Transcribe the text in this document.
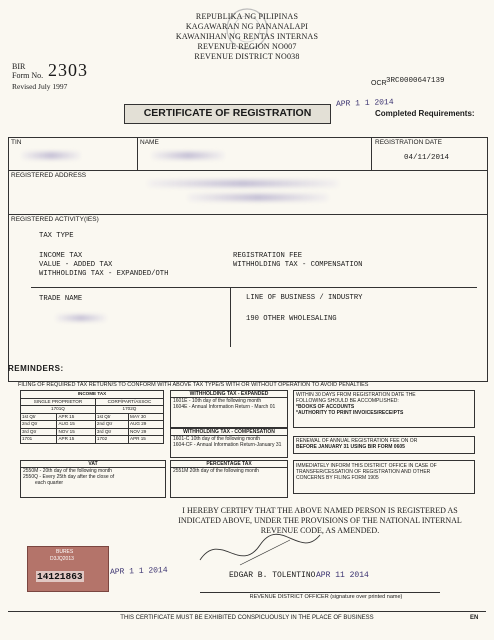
REPUBLIKA NG PILIPINAS
KAGAWARAN NG PANANALAPI
KAWANIHAN NG RENTAS INTERNAS
REVENUE REGION NO007
REVENUE DISTRICT NO038
BIR
Form No. 2303
Revised July 1997	OCR 3RC0000647139
CERTIFICATE OF REGISTRATION
APR 1 1 2014
Completed Requirements:
TIN	NAME	REGISTRATION DATE
04/11/2014
REGISTERED ADDRESS
REGISTERED ACTIVITY(IES)
TAX TYPE
INCOME TAX
VALUE - ADDED TAX
WITHHOLDING TAX - EXPANDED/OTH
REGISTRATION FEE
WITHHOLDING TAX - COMPENSATION
TRADE NAME	LINE OF BUSINESS / INDUSTRY
190 OTHER WHOLESALING
REMINDERS:
FILING OF REQUIRED TAX RETURN/S TO CONFORM WITH ABOVE TAX TYPE/S WITH OR WITHOUT OPERATION TO AVOID PENALTIES
INCOME TAX			
SINGLE PROPRIETOR		CORP/PART/ASSOC	
1701Q		1702Q	
1st Qtr	APR 15	1st Qtr	MAY 30
2nd Qtr	AUG 15	2nd Qtr	AUG 29
3rd Qtr	NOV 15	3rd Qtr	NOV 29
1701	APR 15	1702	APR 15
WITHHOLDING TAX - EXPANDED
1601E - 10th day of the following month
1604E - Annual Information Return - March 01
WITHHOLDING TAX - COMPENSATION
1601-C 10th day of the following month
1604-CF - Annual Information Return-January 31
WITHIN 30 DAYS FROM REGISTRATION DATE THE
FOLLOWING SHOULD BE ACCOMPLISHED:
*BOOKS OF ACCOUNTS
*AUTHORITY TO PRINT INVOICES/RECEIPTS
RENEWAL OF ANNUAL REGISTRATION FEE ON OR
BEFORE JANUARY 31 USING BIR FORM 0605
VAT
2550M - 20th day of the following month
2550Q - Every 25th day after the close of
each quarter
PERCENTAGE TAX
2551M 20th day of the following month
IMMEDIATELY INFORM THIS DISTRICT OFFICE IN CASE OF
TRANSFER/CESSATION OF REGISTRATION AND OTHER
CONCERNS BY FILING FORM 1905
I HEREBY CERTIFY THAT THE ABOVE NAMED PERSON IS REGISTERED AS
INDICATED ABOVE, UNDER THE PROVISIONS OF THE NATIONAL INTERNAL
REVENUE CODE, AS AMENDED.
BURES
D3JQ2013
14121863	APR 1 1 2014	EDGAR B. TOLENTINO APR 11 2014
REVENUE DISTRICT OFFICER (signature over printed name)
THIS CERTIFICATE MUST BE EXHIBITED CONSPICUOUSLY IN THE PLACE OF BUSINESS	EN
